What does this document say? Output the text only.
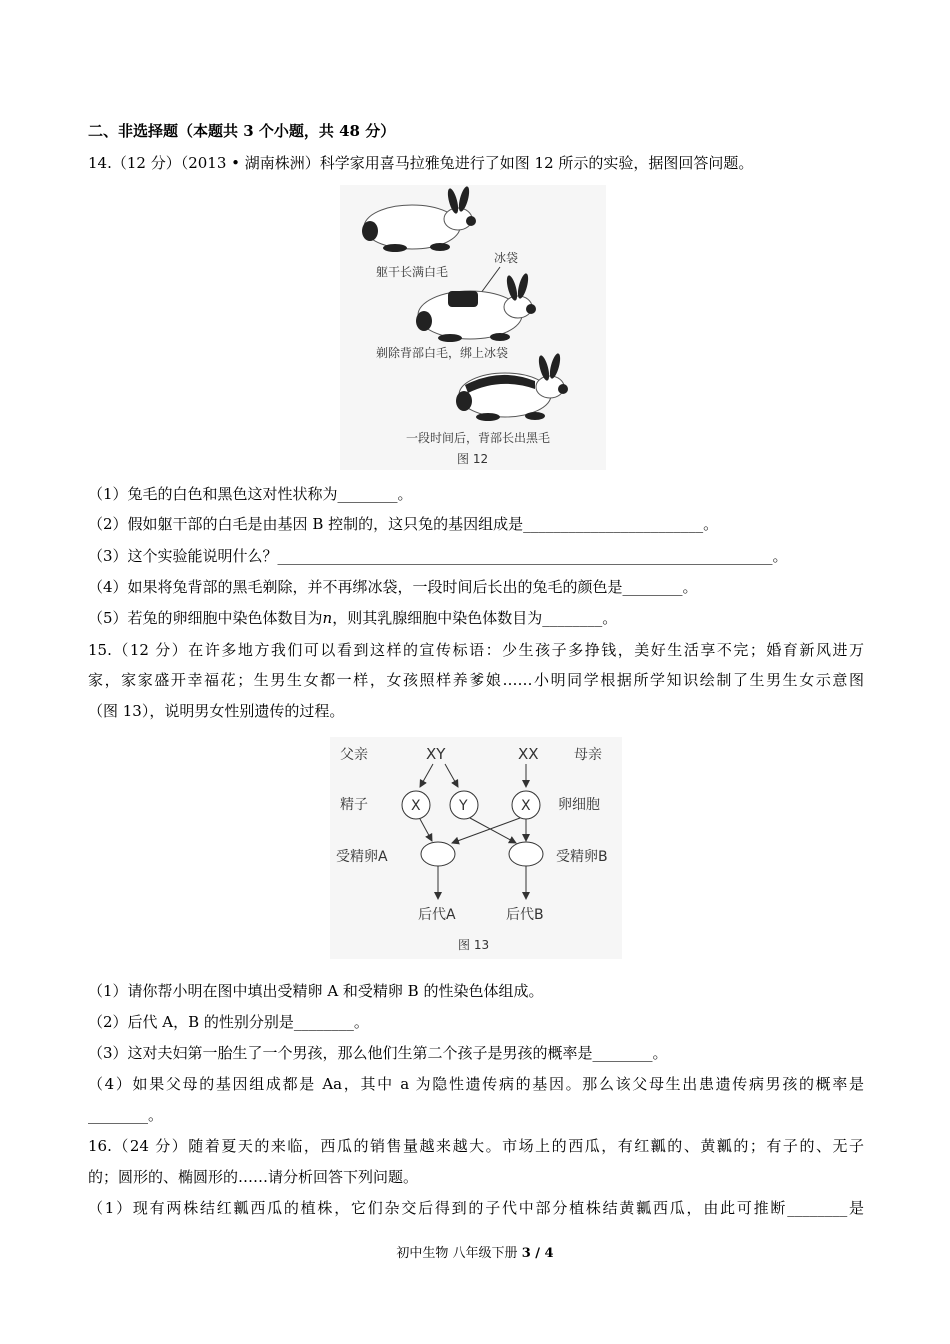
二、非选择题（本题共 3 个小题，共 48 分）
14.（12 分）（2013 • 湖南株洲）科学家用喜马拉雅兔进行了如图 12 所示的实验，据图回答问题。
躯干长满白毛
冰袋
剃除背部白毛，绑上冰袋
一段时间后，背部长出黑毛
图 12
（1）兔毛的白色和黑色这对性状称为________。
（2）假如躯干部的白毛是由基因 B 控制的，这只兔的基因组成是________________________。
（3）这个实验能说明什么？__________________________________________________________________。
（4）如果将兔背部的黑毛剃除，并不再绑冰袋，一段时间后长出的兔毛的颜色是________。
（5）若兔的卵细胞中染色体数目为n，则其乳腺细胞中染色体数目为________。
15.（12 分）在许多地方我们可以看到这样的宣传标语：少生孩子多挣钱，美好生活享不完；婚育新风进万
家，家家盛开幸福花；生男生女都一样，女孩照样养爹娘……小明同学根据所学知识绘制了生男生女示意图
（图 13），说明男女性别遗传的过程。
父亲	母亲
XY	XX
精子	卵细胞
X	Y	X
受精卵A	受精卵B
后代A	后代B
图 13
（1）请你帮小明在图中填出受精卵 A 和受精卵 B 的性染色体组成。
（2）后代 A，B 的性别分别是________。
（3）这对夫妇第一胎生了一个男孩，那么他们生第二个孩子是男孩的概率是________。
（4）如果父母的基因组成都是 Aa，其中 a 为隐性遗传病的基因。那么该父母生出患遗传病男孩的概率是
________。
16.（24 分）随着夏天的来临，西瓜的销售量越来越大。市场上的西瓜，有红瓤的、黄瓤的；有子的、无子
的；圆形的、椭圆形的……请分析回答下列问题。
（1）现有两株结红瓤西瓜的植株，它们杂交后得到的子代中部分植株结黄瓤西瓜，由此可推断________是
初中生物 八年级下册 3 / 4
